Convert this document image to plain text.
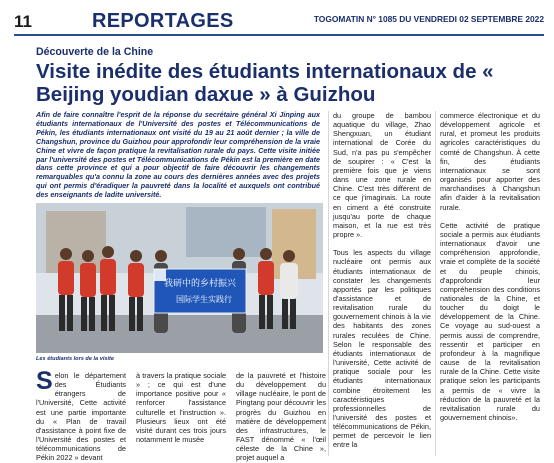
11	REPORTAGES	TOGOMATIN N° 1085 DU VENDREDI 02 SEPTEMBRE 2022
Découverte de la Chine
Visite inédite des étudiants internationaux de « Beijing youdian daxue » à Guizhou
Afin de faire connaître l'esprit de la réponse du secrétaire général Xi Jinping aux étudiants internationaux de l'Université des postes et Télécommunications de Pékin, les étudiants internationaux ont visité du 19 au 21 août dernier ; la ville de Changshun, province du Guizhou pour approfondir leur compréhension de la vraie Chine et vivre de façon pratique la revitalisation rurale du pays. Cette visite initiée par l'université des postes et Télécommunications de Pékin est la première en date dans cette province et qui a pour objectif de faire découvrir les changements remarquables qu'a connu la zone au cours des dernières années avec des projets qui ont permis d'éradiquer la pauvreté dans la localité et auxquels ont contribué des enseignants de ladite université.
我研中的乡村振兴
国际学生实践行
Les étudiants lors de la visite

du groupe de bambou aquatique du village, Zhao Shengxuan, un étudiant international de Corée du Sud, n'a pas pu s'empêcher de soupirer : « C'est la première fois que je viens dans une zone rurale en Chine. C'est très différent de ce que j'imaginais. La route en ciment a été construite jusqu'au porte de chaque maison, et la rue est très propre ».

Tous les aspects du village nucléaire ont permis aux étudiants internationaux de constater les changements apportés par les politiques d'assistance et de revitalisation rurale du gouvernement chinois à la vie des habitants des zones rurales reculées de Chine. Selon le responsable des étudiants internationaux de l'université, Cette activité de pratique sociale pour les étudiants internationaux combine étroitement les caractéristiques professionnelles de l'université des postes et télécommunications de Pékin, permet de percevoir le lien entre la

commerce électronique et du développement agricole et rural, et promeut les produits agricoles caractéristiques du comté de Changshun. À cette fin, des étudiants internationaux se sont organisés pour apporter des marchandises à Changshun afin d'aider à la revitalisation rurale.

Cette activité de pratique sociale a permis aux étudiants internationaux d'avoir une compréhension approfondie, vraie et complète de la société et du peuple chinois, d'approfondir leur compréhension des conditions nationales de la Chine, et toucher du doigt le développement de la Chine. Ce voyage au sud-ouest a permis aussi de comprendre, ressentir et participer en profondeur à la magnifique cause de la revitalisation rurale de la Chine. Cette visite pratique selon les participants a permis de « vivre la réduction de la pauvreté et la revitalisation rurale du gouvernement chinois».

Selon le département des Étudiants étrangers de l'Université, Cette activité est une partie importante du « Plan de travail d'assistance à point fixe de l'Université des postes et télécommunications de Pékin 2022 » devant
à travers la pratique sociale » ; ce qui est d'une importance positive pour « renforcer l'assistance culturelle et l'instruction ». Plusieurs lieux ont été visité durant ces trois jours notamment le musée
de la pauvreté et l'histoire du développement du village nucléaire, le pont de Pingtang pour découvrir les progrès du Guizhou en matière de développement des infrastructures, le FAST dénommé « l'œil céleste de la Chine », projet auquel a
